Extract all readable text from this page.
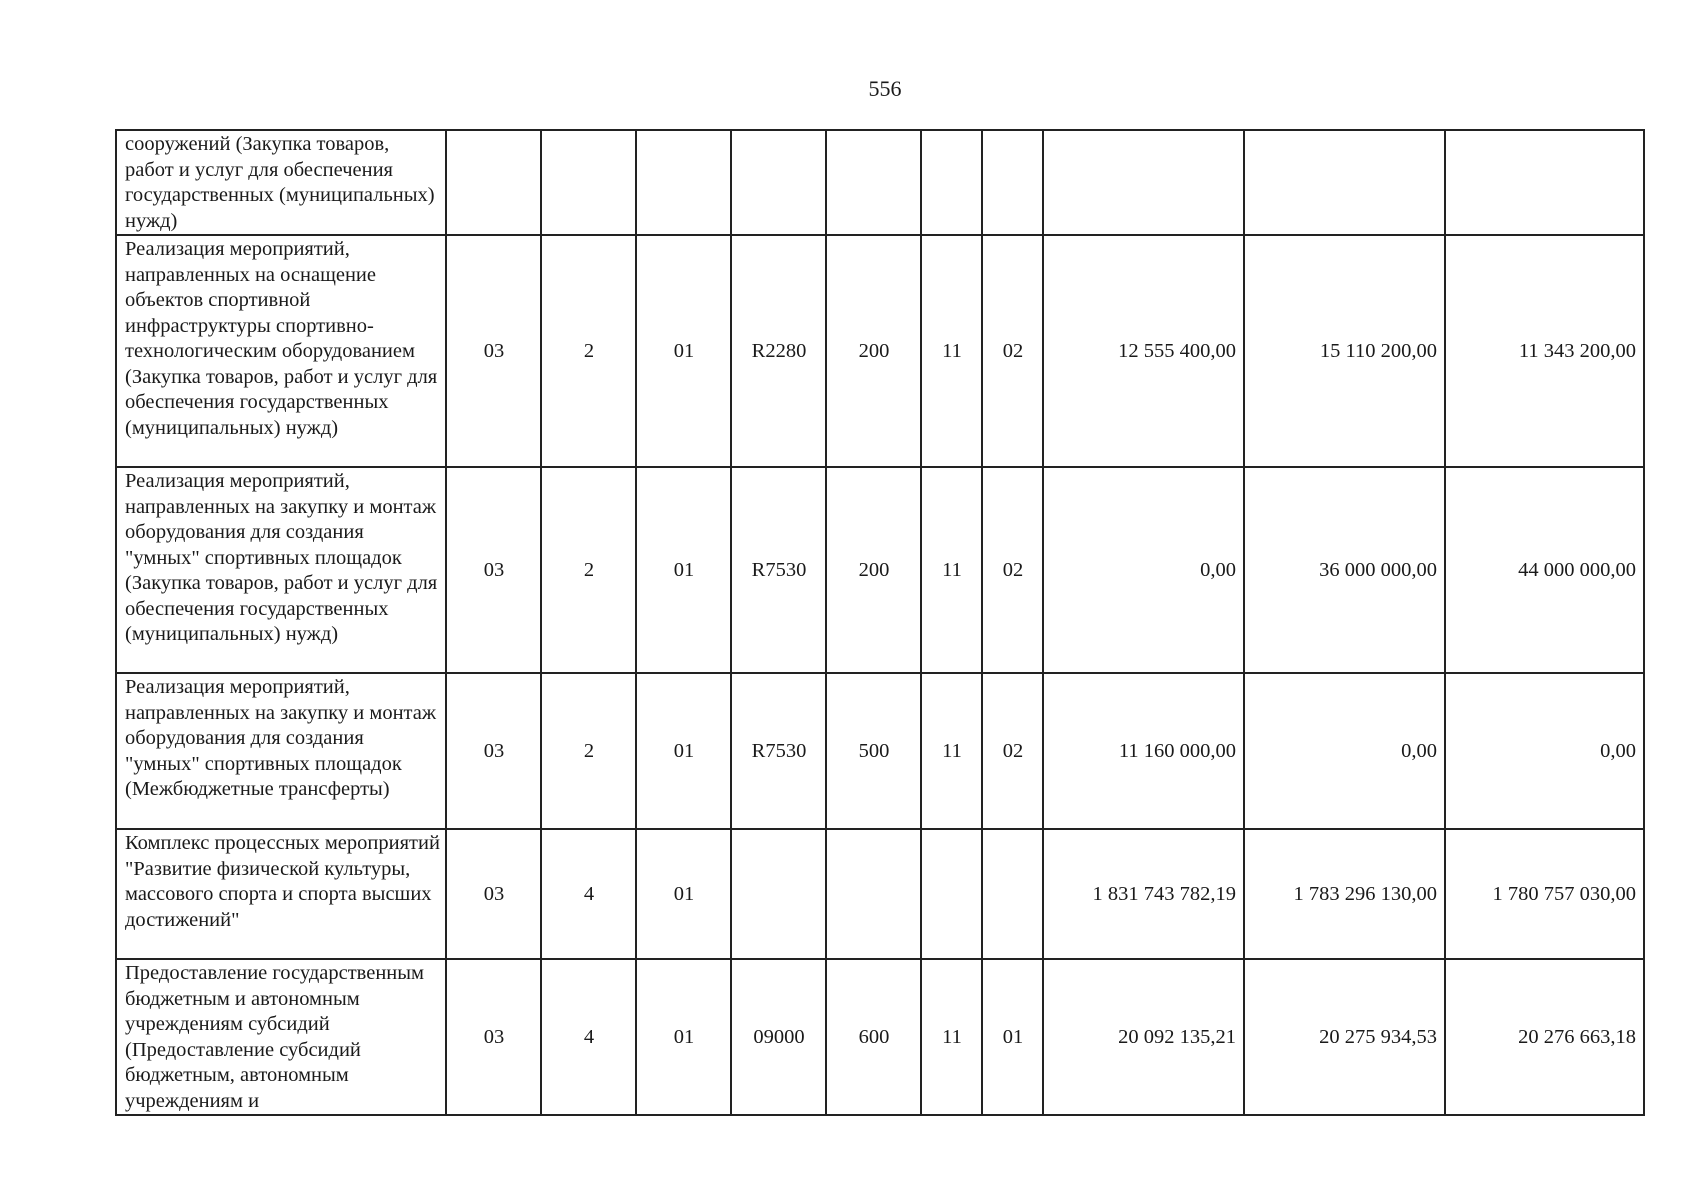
556
сооружений (Закупка товаров, работ и услуг для обеспечения государственных (муниципальных) нужд)										
Реализация мероприятий, направленных на оснащение объектов спортивной инфраструктуры спортивно-технологическим оборудованием (Закупка товаров, работ и услуг для обеспечения государственных (муниципальных) нужд)	03	2	01	R2280	200	11	02	12 555 400,00	15 110 200,00	11 343 200,00
Реализация мероприятий, направленных на закупку и монтаж оборудования для создания "умных" спортивных площадок (Закупка товаров, работ и услуг для обеспечения государственных (муниципальных) нужд)	03	2	01	R7530	200	11	02	0,00	36 000 000,00	44 000 000,00
Реализация мероприятий, направленных на закупку и монтаж оборудования для создания "умных" спортивных площадок (Межбюджетные трансферты)	03	2	01	R7530	500	11	02	11 160 000,00	0,00	0,00
Комплекс процессных мероприятий "Развитие физической культуры, массового спорта и спорта высших достижений"	03	4	01					1 831 743 782,19	1 783 296 130,00	1 780 757 030,00
Предоставление государственным бюджетным и автономным учреждениям субсидий (Предоставление субсидий бюджетным, автономным учреждениям и	03	4	01	09000	600	11	01	20 092 135,21	20 275 934,53	20 276 663,18
